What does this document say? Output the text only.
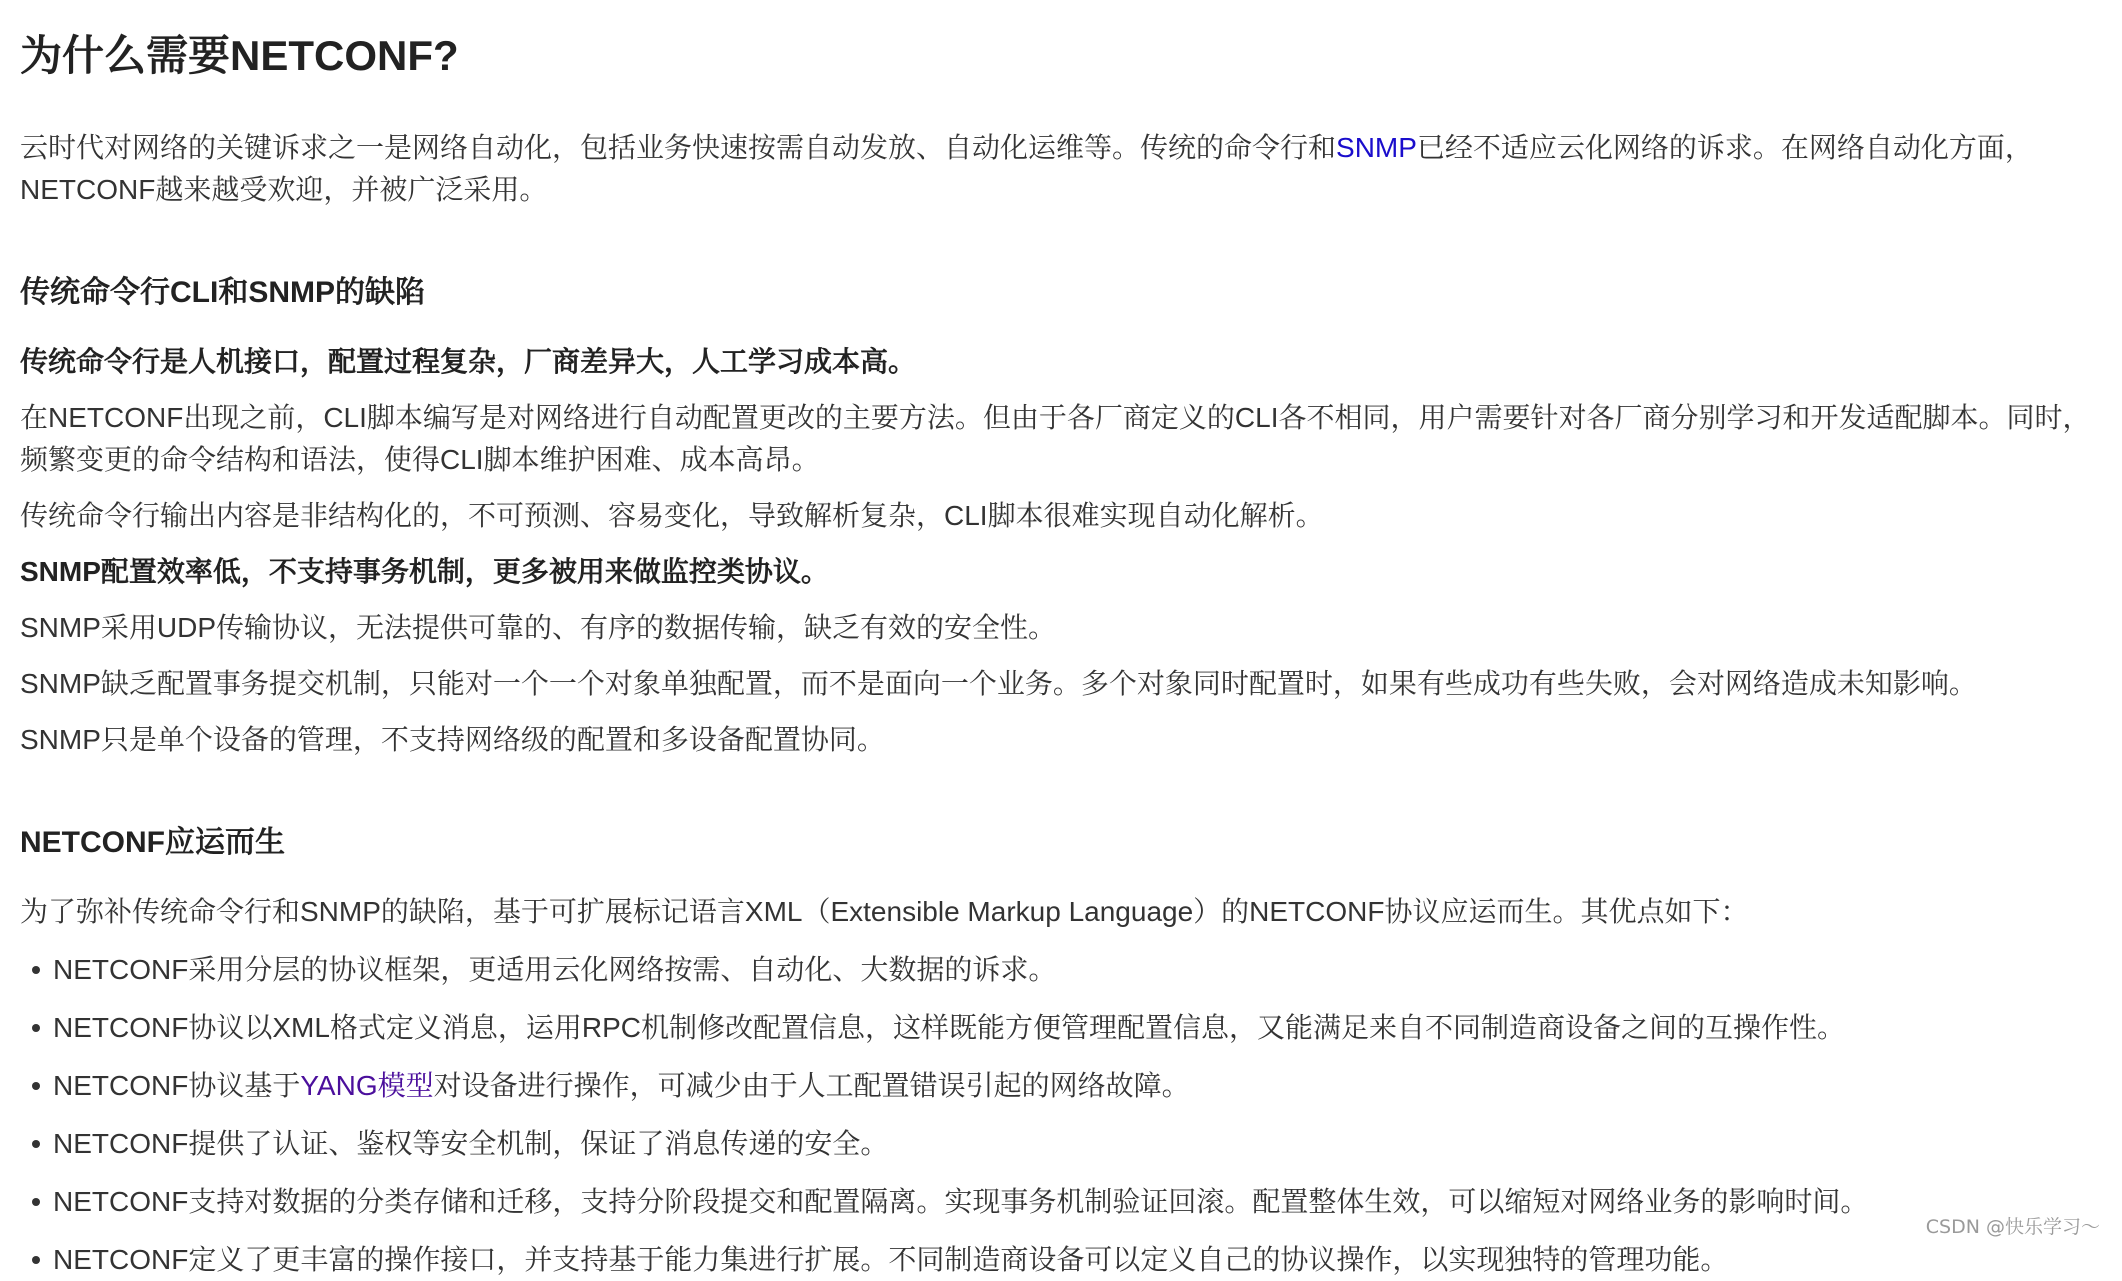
为什么需要NETCONF?

云时代对网络的关键诉求之一是网络自动化，包括业务快速按需自动发放、自动化运维等。传统的命令行和SNMP已经不适应云化网络的诉求。在网络自动化方面，NETCONF越来越受欢迎，并被广泛采用。

传统命令行CLI和SNMP的缺陷

传统命令行是人机接口，配置过程复杂，厂商差异大，人工学习成本高。

在NETCONF出现之前，CLI脚本编写是对网络进行自动配置更改的主要方法。但由于各厂商定义的CLI各不相同，用户需要针对各厂商分别学习和开发适配脚本。同时，频繁变更的命令结构和语法，使得CLI脚本维护困难、成本高昂。

传统命令行输出内容是非结构化的，不可预测、容易变化，导致解析复杂，CLI脚本很难实现自动化解析。

SNMP配置效率低，不支持事务机制，更多被用来做监控类协议。

SNMP采用UDP传输协议，无法提供可靠的、有序的数据传输，缺乏有效的安全性。

SNMP缺乏配置事务提交机制，只能对一个一个对象单独配置，而不是面向一个业务。多个对象同时配置时，如果有些成功有些失败，会对网络造成未知影响。

SNMP只是单个设备的管理，不支持网络级的配置和多设备配置协同。

NETCONF应运而生

为了弥补传统命令行和SNMP的缺陷，基于可扩展标记语言XML（Extensible Markup Language）的NETCONF协议应运而生。其优点如下：

NETCONF采用分层的协议框架，更适用云化网络按需、自动化、大数据的诉求。
NETCONF协议以XML格式定义消息，运用RPC机制修改配置信息，这样既能方便管理配置信息，又能满足来自不同制造商设备之间的互操作性。
NETCONF协议基于YANG模型对设备进行操作，可减少由于人工配置错误引起的网络故障。
NETCONF提供了认证、鉴权等安全机制，保证了消息传递的安全。
NETCONF支持对数据的分类存储和迁移，支持分阶段提交和配置隔离。实现事务机制验证回滚。配置整体生效，可以缩短对网络业务的影响时间。
NETCONF定义了更丰富的操作接口，并支持基于能力集进行扩展。不同制造商设备可以定义自己的协议操作，以实现独特的管理功能。
CSDN @快乐学习～
